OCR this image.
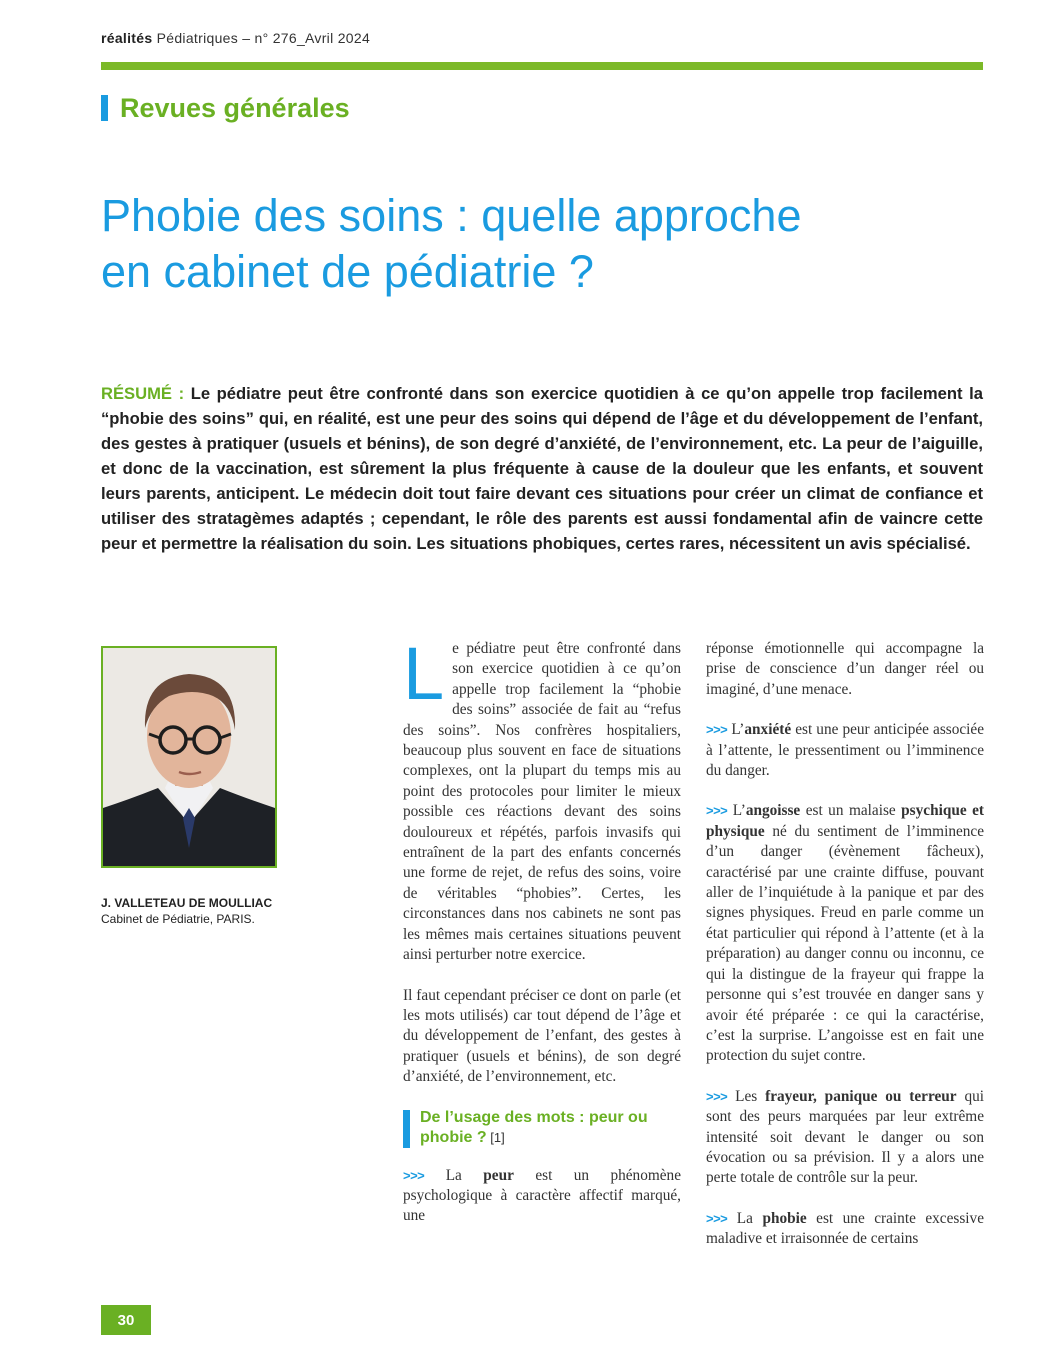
réalités Pédiatriques – n° 276_Avril 2024
Revues générales
Phobie des soins : quelle approche
en cabinet de pédiatrie ?
RÉSUMÉ : Le pédiatre peut être confronté dans son exercice quotidien à ce qu’on appelle trop facilement la “phobie des soins” qui, en réalité, est une peur des soins qui dépend de l’âge et du développement de l’enfant, des gestes à pratiquer (usuels et bénins), de son degré d’anxiété, de l’environnement, etc. La peur de l’aiguille, et donc de la vaccination, est sûrement la plus fréquente à cause de la douleur que les enfants, et souvent leurs parents, anticipent. Le médecin doit tout faire devant ces situations pour créer un climat de confiance et utiliser des stratagèmes adaptés ; cependant, le rôle des parents est aussi fondamental afin de vaincre cette peur et permettre la réalisation du soin. Les situations phobiques, certes rares, nécessitent un avis spécialisé.
J. VALLETEAU DE MOULLIAC
Cabinet de Pédiatrie, PARIS.

Le pédiatre peut être confronté dans son exercice quotidien à ce qu’on appelle trop facilement la “phobie des soins” associée de fait au “refus des soins”. Nos confrères hospitaliers, beaucoup plus souvent en face de situations complexes, ont la plupart du temps mis au point des protocoles pour limiter le mieux possible ces réactions devant des soins douloureux et répétés, parfois invasifs qui entraînent de la part des enfants concernés une forme de rejet, de refus des soins, voire de véritables “phobies”. Certes, les circonstances dans nos cabinets ne sont pas les mêmes mais certaines situations peuvent ainsi perturber notre exercice.

Il faut cependant préciser ce dont on parle (et les mots utilisés) car tout dépend de l’âge et du développement de l’enfant, des gestes à pratiquer (usuels et bénins), de son degré d’anxiété, de l’environnement, etc.

De l’usage des mots : peur ou phobie ? [1]

>>> La peur est un phénomène psychologique à caractère affectif marqué, une

réponse émotionnelle qui accompagne la prise de conscience d’un danger réel ou imaginé, d’une menace.

>>> L’anxiété est une peur anticipée associée à l’attente, le pressentiment ou l’imminence du danger.

>>> L’angoisse est un malaise psychique et physique né du sentiment de l’imminence d’un danger (évènement fâcheux), caractérisé par une crainte diffuse, pouvant aller de l’inquiétude à la panique et par des signes physiques. Freud en parle comme un état particulier qui répond à l’attente (et à la préparation) au danger connu ou inconnu, ce qui la distingue de la frayeur qui frappe la personne qui s’est trouvée en danger sans y avoir été préparée : ce qui la caractérise, c’est la surprise. L’angoisse est en fait une protection du sujet contre.

>>> Les frayeur, panique ou terreur qui sont des peurs marquées par leur extrême intensité soit devant le danger ou son évocation ou sa prévision. Il y a alors une perte totale de contrôle sur la peur.

>>> La phobie est une crainte excessive maladive et irraisonnée de certains

30
